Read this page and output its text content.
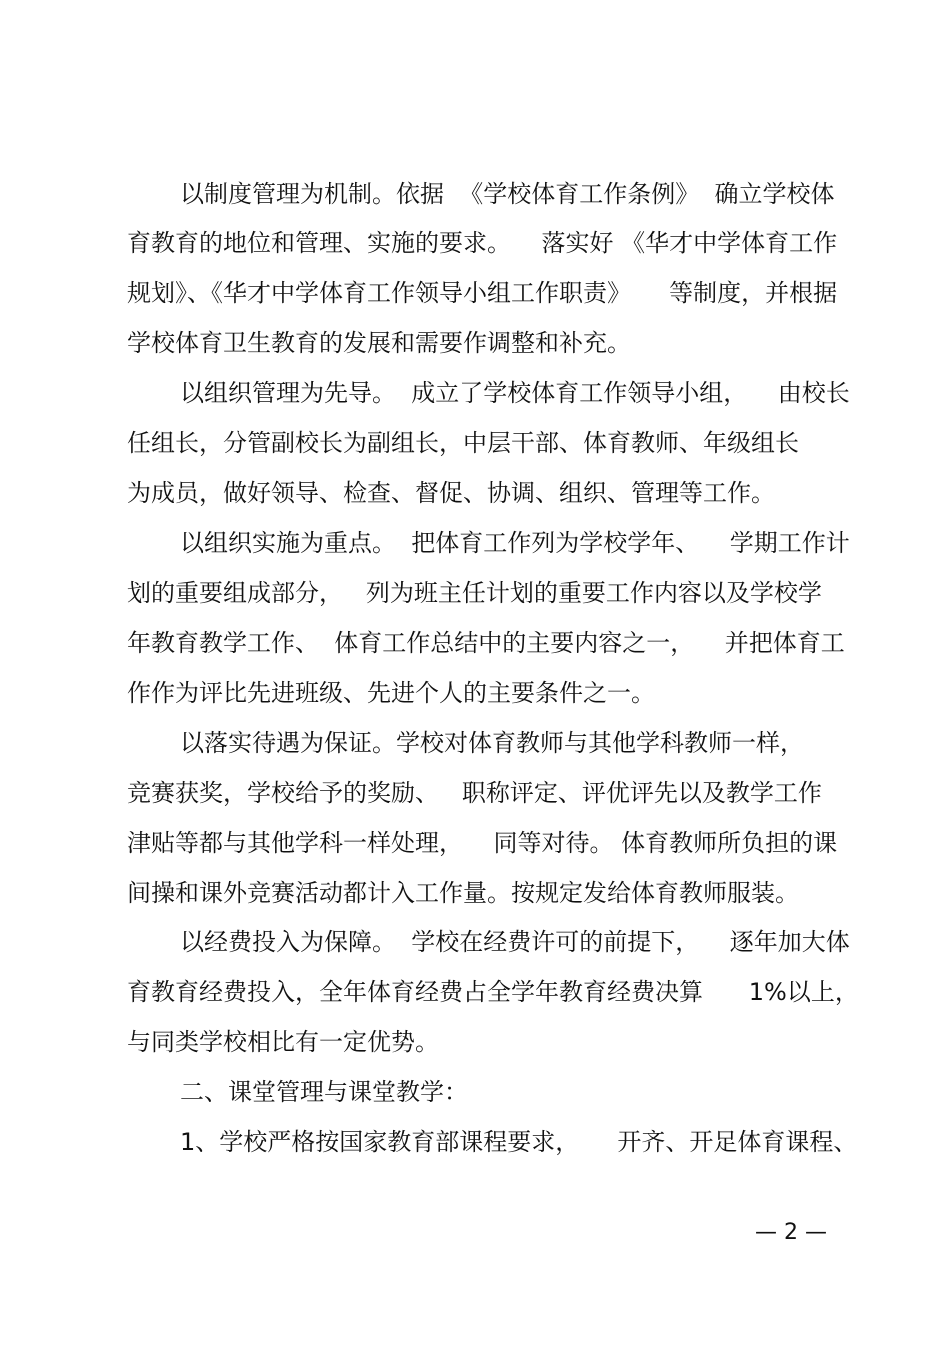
以制度管理为机制。依据  《学校体育工作条例》  确立学校体
育教育的地位和管理、实施的要求。    落实好 《华才中学体育工作
规划》、《华才中学体育工作领导小组工作职责》     等制度，并根据
学校体育卫生教育的发展和需要作调整和补充。
以组织管理为先导。  成立了学校体育工作领导小组，    由校长
任组长，分管副校长为副组长，中层干部、体育教师、年级组长
为成员，做好领导、检查、督促、协调、组织、管理等工作。
以组织实施为重点。  把体育工作列为学校学年、    学期工作计
划的重要组成部分，   列为班主任计划的重要工作内容以及学校学
年教育教学工作、  体育工作总结中的主要内容之一，    并把体育工
作作为评比先进班级、先进个人的主要条件之一。
以落实待遇为保证。学校对体育教师与其他学科教师一样，
竞赛获奖，学校给予的奖励、   职称评定、评优评先以及教学工作
津贴等都与其他学科一样处理，    同等对待。 体育教师所负担的课
间操和课外竞赛活动都计入工作量。按规定发给体育教师服装。
以经费投入为保障。  学校在经费许可的前提下，    逐年加大体
育教育经费投入，全年体育经费占全学年教育经费决算      1%以上，
与同类学校相比有一定优势。
二、课堂管理与课堂教学：
1、学校严格按国家教育部课程要求，     开齐、开足体育课程、
— 2 —
